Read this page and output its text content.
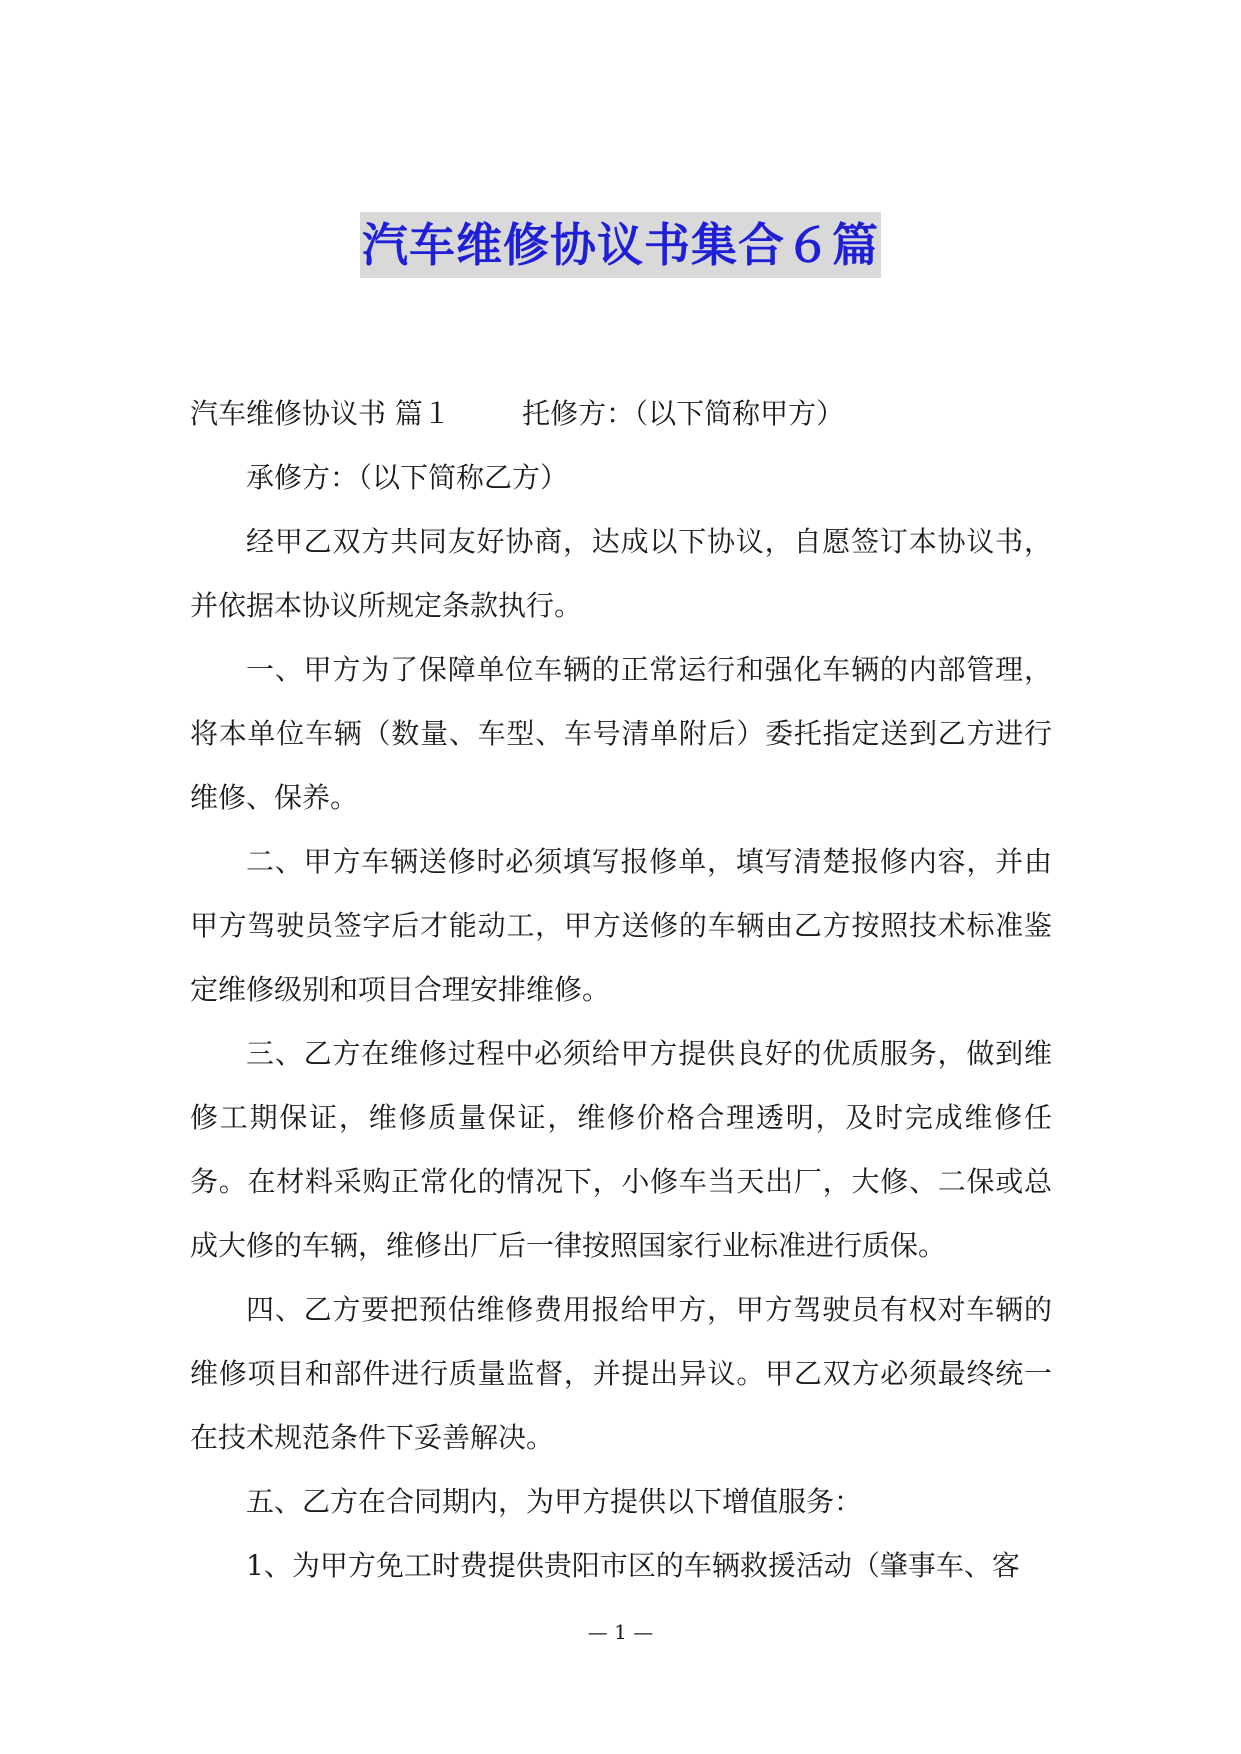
汽车维修协议书集合６篇

汽车维修协议书 篇１	托修方：（以下简称甲方）

承修方：（以下简称乙方）

经甲乙双方共同友好协商，达成以下协议，自愿签订本协议书，并依据本协议所规定条款执行。

一、甲方为了保障单位车辆的正常运行和强化车辆的内部管理，将本单位车辆（数量、车型、车号清单附后）委托指定送到乙方进行维修、保养。

二、甲方车辆送修时必须填写报修单，填写清楚报修内容，并由甲方驾驶员签字后才能动工，甲方送修的车辆由乙方按照技术标准鉴定维修级别和项目合理安排维修。

三、乙方在维修过程中必须给甲方提供良好的优质服务，做到维修工期保证，维修质量保证，维修价格合理透明，及时完成维修任务。在材料采购正常化的情况下，小修车当天出厂，大修、二保或总成大修的车辆，维修出厂后一律按照国家行业标准进行质保。

四、乙方要把预估维修费用报给甲方，甲方驾驶员有权对车辆的维修项目和部件进行质量监督，并提出异议。甲乙双方必须最终统一在技术规范条件下妥善解决。

五、乙方在合同期内，为甲方提供以下增值服务：

1、为甲方免工时费提供贵阳市区的车辆救援活动（肇事车、客

— 1 —
